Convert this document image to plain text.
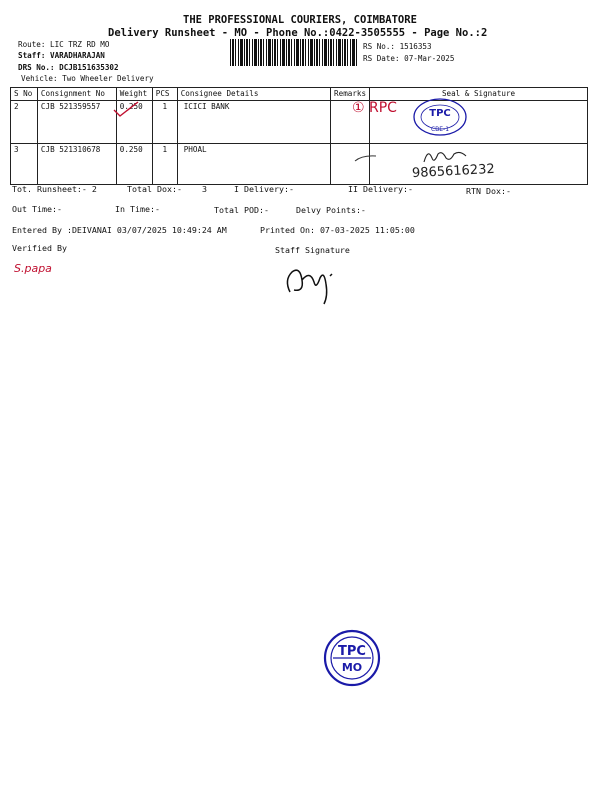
THE PROFESSIONAL COURIERS, COIMBATORE
Delivery Runsheet - MO - Phone No.:0422-3505555 - Page No.:2
Route: LIC TRZ RD MO
Staff: VARADHARAJAN
DRS No.: DCJB151635302
Vehicle: Two Wheeler Delivery
RS No.: 1516353
RS Date: 07-Mar-2025
S No	Consignment No	Weight	PCS	Consignee Details	Remarks	Seal & Signature
2	CJB 521359557	0.250	1	ICICI BANK		
3	CJB 521310678	0.250	1	PHOAL		
① RPC	TPC
CBE-1
9865616232
Tot. Runsheet:- 2	Total Dox:- 3	I Delivery:-	II Delivery:-	RTN Dox:-
Out Time:-	In Time:-	Total POD:-	Delvy Points:-
Entered By :DEIVANAI 03/07/2025 10:49:24 AM	Printed On: 07-03-2025 11:05:00
Verified By	Staff Signature
S.papa
TPC
MO
